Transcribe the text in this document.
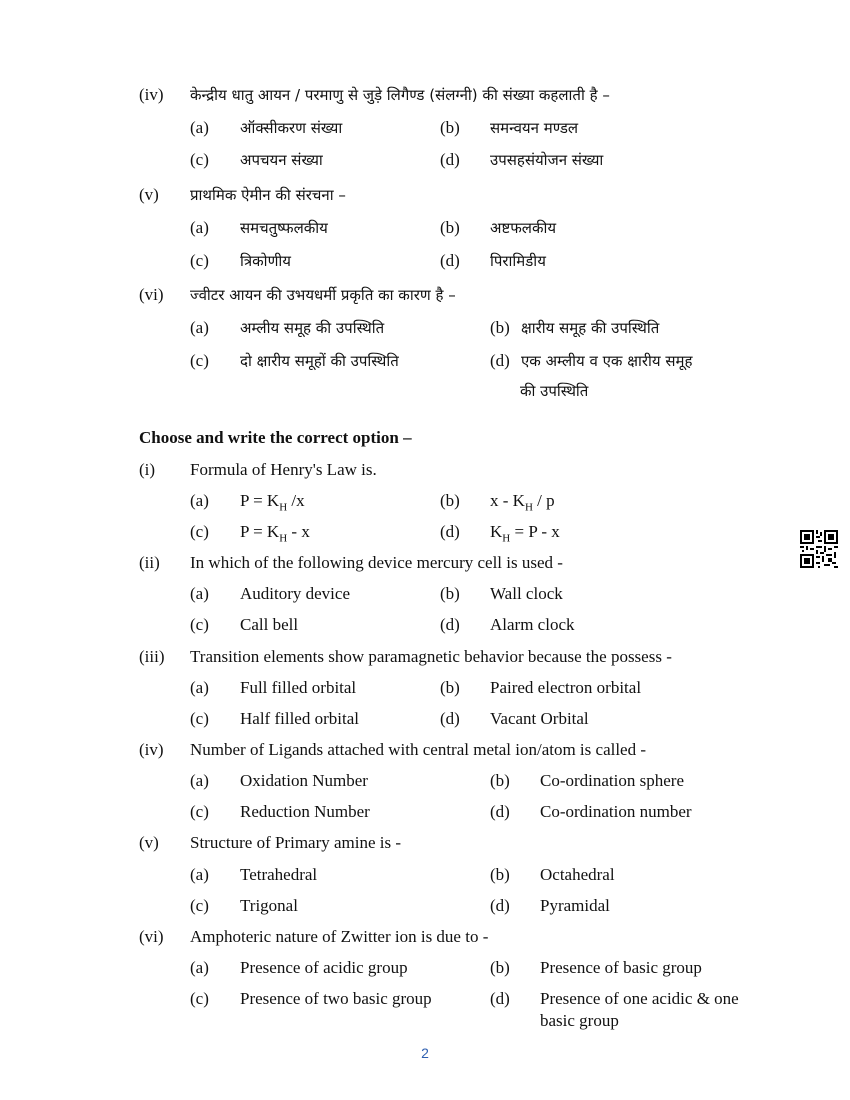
(iv) केन्द्रीय धातु आयन / परमाणु से जुड़े लिगैण्ड (संलग्नी) की संख्या कहलाती है –
(a) ऑक्सीकरण संख्या	(b) समन्वयन मण्डल
(c) अपचयन संख्या	(d) उपसहसंयोजन संख्या
(v) प्राथमिक ऐमीन की संरचना –
(a) समचतुष्फलकीय	(b) अष्टफलकीय
(c) त्रिकोणीय	(d) पिरामिडीय
(vi) ज्वीटर आयन की उभयधर्मी प्रकृति का कारण है –
(a) अम्लीय समूह की उपस्थिति	(b) क्षारीय समूह की उपस्थिति
(c) दो क्षारीय समूहों की उपस्थिति	(d) एक अम्लीय व एक क्षारीय समूह
की उपस्थिति
Choose and write the correct option –
(i) Formula of Henry's Law is.
(a) $P = K_H$ /x	(b) x - $K_H$ / p
(c) $P = K_H - x$	(d) $K_H = P - x$
(ii) In which of the following device mercury cell is used -
(a) Auditory device	(b) Wall clock
(c) Call bell	(d) Alarm clock
(iii) Transition elements show paramagnetic behavior because the possess -
(a) Full filled orbital	(b) Paired electron orbital
(c) Half filled orbital	(d) Vacant Orbital
(iv) Number of Ligands attached with central metal ion/atom is called -
(a) Oxidation Number	(b) Co-ordination sphere
(c) Reduction Number	(d) Co-ordination number
(v) Structure of Primary amine is -
(a) Tetrahedral	(b) Octahedral
(c) Trigonal	(d) Pyramidal
(vi) Amphoteric nature of Zwitter ion is due to -
(a) Presence of acidic group	(b) Presence of basic group
(c) Presence of two basic group	(d) Presence of one acidic & one
basic group
2
